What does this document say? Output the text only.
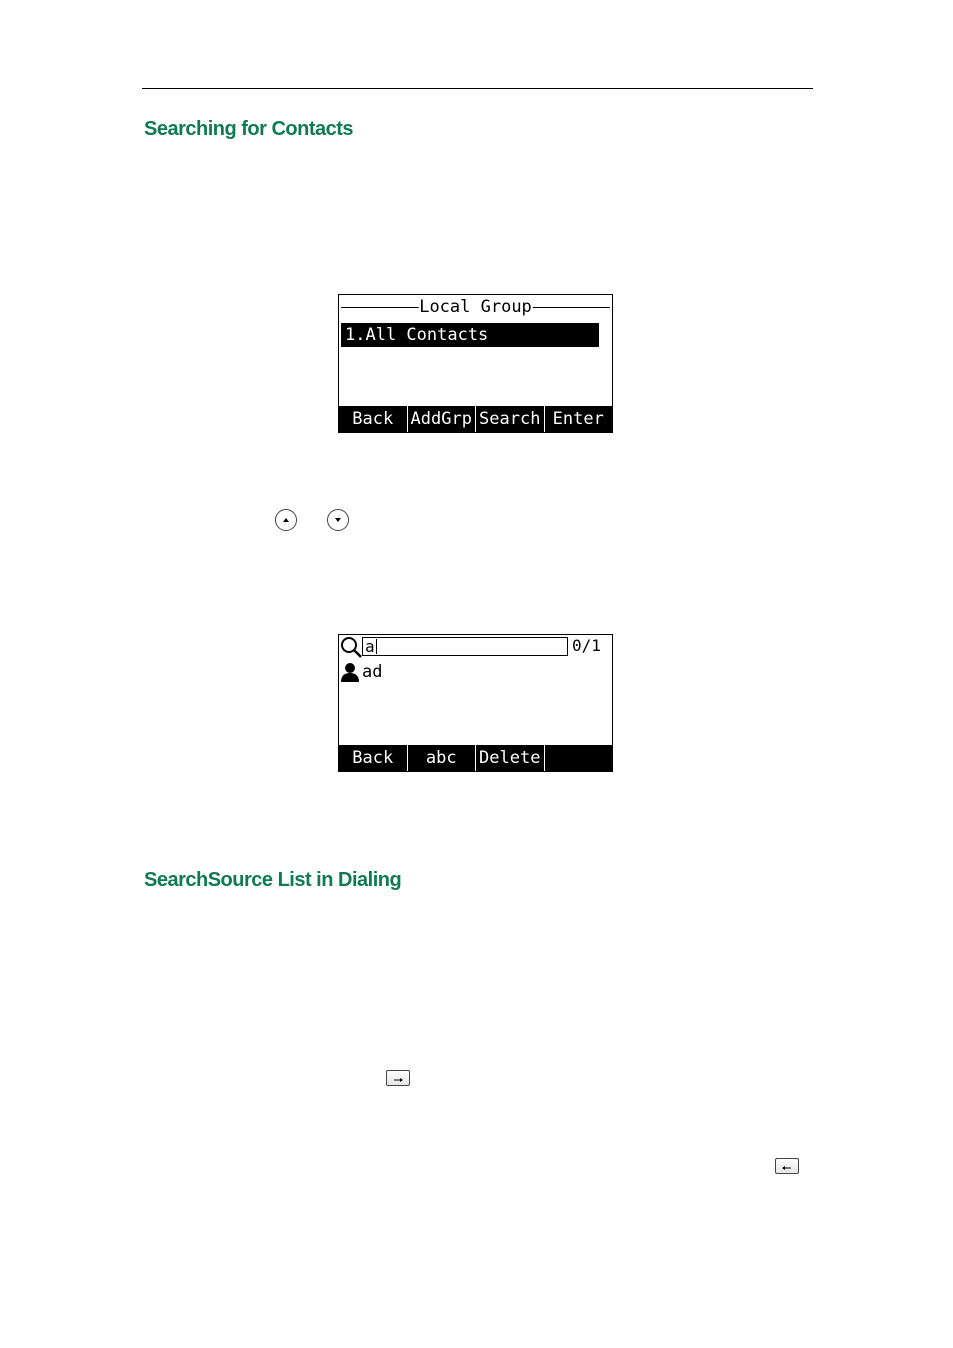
Searching for Contacts
Local Group
1.All Contacts
Back	AddGrp Search Enter
a	0/1
ad
Back	abc	Delete
SearchSource List in Dialing
